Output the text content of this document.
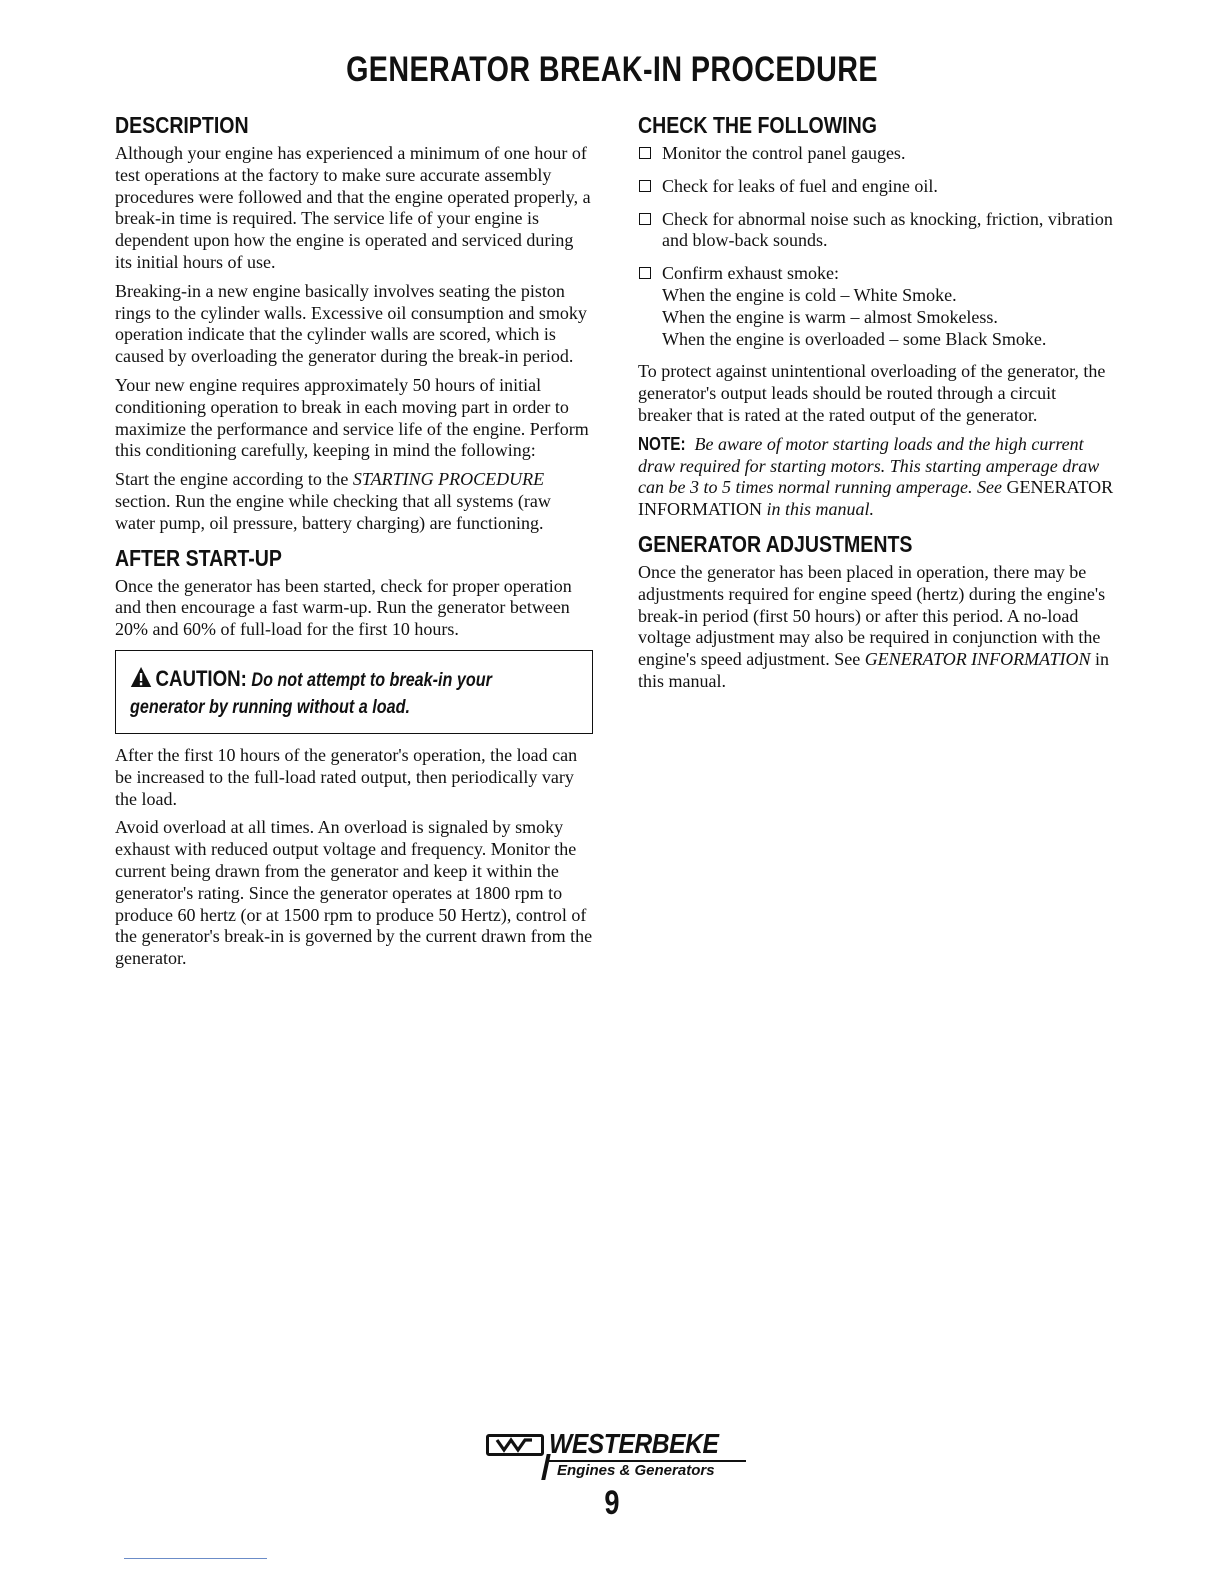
GENERATOR BREAK-IN PROCEDURE
DESCRIPTION

Although your engine has experienced a minimum of one hour of test operations at the factory to make sure accurate assembly procedures were followed and that the engine operated properly, a break-in time is required. The service life of your engine is dependent upon how the engine is operated and serviced during its initial hours of use.

Breaking-in a new engine basically involves seating the piston rings to the cylinder walls. Excessive oil consumption and smoky operation indicate that the cylinder walls are scored, which is caused by overloading the generator during the break-in period.

Your new engine requires approximately 50 hours of initial conditioning operation to break in each moving part in order to maximize the performance and service life of the engine. Perform this conditioning carefully, keeping in mind the following:

Start the engine according to the STARTING PROCEDURE section. Run the engine while checking that all systems (raw water pump, oil pressure, battery charging) are functioning.

AFTER START-UP

Once the generator has been started, check for proper operation and then encourage a fast warm-up. Run the generator between 20% and 60% of full-load for the first 10 hours.

CAUTION: Do not attempt to break-in your
generator by running without a load.

After the first 10 hours of the generator's operation, the load can be increased to the full-load rated output, then periodically vary the load.

Avoid overload at all times. An overload is signaled by smoky exhaust with reduced output voltage and frequency. Monitor the current being drawn from the generator and keep it within the generator's rating. Since the generator operates at 1800 rpm to produce 60 hertz (or at 1500 rpm to produce 50 Hertz), control of the generator's break-in is governed by the current drawn from the generator.

CHECK THE FOLLOWING
Monitor the control panel gauges.
Check for leaks of fuel and engine oil.
Check for abnormal noise such as knocking, friction, vibration and blow-back sounds.
Confirm exhaust smoke:
When the engine is cold – White Smoke.
When the engine is warm – almost Smokeless.
When the engine is overloaded – some Black Smoke.

To protect against unintentional overloading of the generator, the generator's output leads should be routed through a circuit breaker that is rated at the rated output of the generator.

NOTE: Be aware of motor starting loads and the high current draw required for starting motors. This starting amperage draw can be 3 to 5 times normal running amperage. See GENERATOR INFORMATION in this manual.

GENERATOR ADJUSTMENTS

Once the generator has been placed in operation, there may be adjustments required for engine speed (hertz) during the engine's break-in period (first 50 hours) or after this period. A no-load voltage adjustment may also be required in conjunction with the engine's speed adjustment. See GENERATOR INFORMATION in this manual.

WESTERBEKE
Engines & Generators
9
